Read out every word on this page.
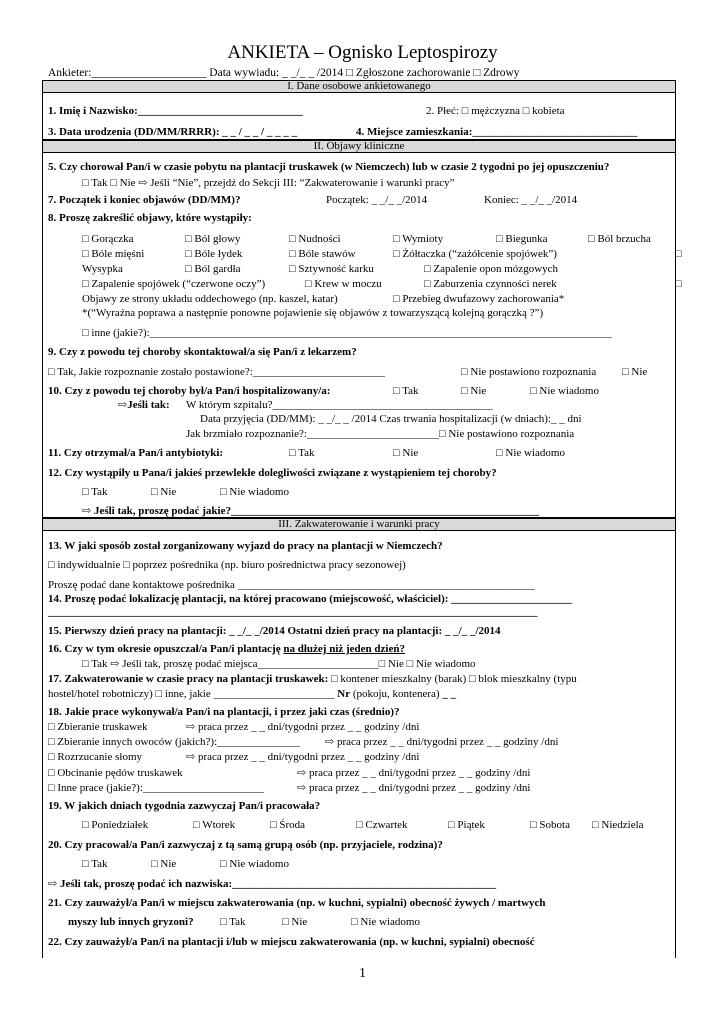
ANKIETA – Ognisko Leptospirozy
Ankieter:____________________ Data wywiadu: _ _/_ _ /2014 □ Zgłoszone zachorowanie □ Zdrowy
I. Dane osobowe ankietowanego
II. Objawy kliniczne
III. Zakwaterowanie i warunki pracy
1. Imię i Nazwisko:______________________________	2. Płeć: □ mężczyzna □ kobieta
3. Data urodzenia (DD/MM/RRRR): _ _ / _ _ / _ _ _ _	4. Miejsce zamieszkania:______________________________
5. Czy chorował Pan/i w czasie pobytu na plantacji truskawek (w Niemczech) lub w czasie 2 tygodni po jej opuszczeniu?
□ Tak □ Nie ⇨ Jeśli “Nie”, przejdź do Sekcji III: “Zakwaterowanie i warunki pracy”
7. Początek i koniec objawów (DD/MM)?	Początek: _ _/_ _/2014	Koniec: _ _/_ _/2014
8. Proszę zakreślić objawy, które wystąpiły:
□ Gorączka	□ Ból głowy	□ Nudności	□ Wymioty	□ Biegunka	□ Ból brzucha
□ Bóle mięśni	□ Bóle łydek	□ Bóle stawów	□ Żółtaczka (“zażółcenie spojówek”)	□
Wysypka	□ Ból gardła	□ Sztywność karku	□ Zapalenie opon mózgowych
□ Zapalenie spojówek (“czerwone oczy”)	□ Krew w moczu	□ Zaburzenia czynności nerek	□
Objawy ze strony układu oddechowego (np. kaszel, katar)	□ Przebieg dwufazowy zachorowania*
*(“Wyraźna poprawa a następnie ponowne pojawienie się objawów z towarzyszącą kolejną gorączką ?”)
□ inne (jakie?):____________________________________________________________________________________
9. Czy z powodu tej choroby skontaktował/a się Pan/i z lekarzem?
□ Tak, Jakie rozpoznanie zostało postawione?:________________________	□ Nie postawiono rozpoznania □ Nie
10. Czy z powodu tej choroby był/a Pan/i hospitalizowany/a:	□ Tak	□ Nie	□ Nie wiadomo
⇨Jeśli tak: W którym szpitalu?________________________________________
Data przyjęcia (DD/MM): _ _/_ _ /2014 Czas trwania hospitalizacji (w dniach):_ _ dni
Jak brzmiało rozpoznanie?:________________________□ Nie postawiono rozpoznania
11. Czy otrzymał/a Pan/i antybiotyki:	□ Tak	□ Nie	□ Nie wiadomo
12. Czy wystąpiły u Pana/i jakieś przewlekłe dolegliwości związane z wystąpieniem tej choroby?
□ Tak	□ Nie	□ Nie wiadomo
⇨ Jeśli tak, proszę podać jakie?________________________________________________________
13. W jaki sposób został zorganizowany wyjazd do pracy na plantacji w Niemczech?
□ indywidualnie □ poprzez pośrednika (np. biuro pośrednictwa pracy sezonowej)
Proszę podać dane kontaktowe pośrednika ______________________________________________________
14. Proszę podać lokalizację plantacji, na której pracowano (miejscowość, właściciel): ______________________
_________________________________________________________________________________________
15. Pierwszy dzień pracy na plantacji: _ _/_ _/2014 Ostatni dzień pracy na plantacji: _ _/_ _/2014
16. Czy w tym okresie opuszczał/a Pan/i plantację na dłużej niż jeden dzień?
□ Tak ⇨ Jeśli tak, proszę podać miejsca______________________□ Nie □ Nie wiadomo
17. Zakwaterowanie w czasie pracy na plantacji truskawek: □ kontener mieszkalny (barak) □ blok mieszkalny (typu
hostel/hotel robotniczy) □ inne, jakie ______________________ Nr (pokoju, kontenera) _ _
18. Jakie prace wykonywał/a Pan/i na plantacji, i przez jaki czas (średnio)?
□ Zbieranie truskawek	⇨ praca przez _ _ dni/tygodni przez _ _ godziny /dni
□ Zbieranie innych owoców (jakich?):_______________ ⇨ praca przez _ _ dni/tygodni przez _ _ godziny /dni
□ Rozrzucanie słomy	⇨ praca przez _ _ dni/tygodni przez _ _ godziny /dni
□ Obcinanie pędów truskawek	⇨ praca przez _ _ dni/tygodni przez _ _ godziny /dni
□ Inne prace (jakie?):______________________	⇨ praca przez _ _ dni/tygodni przez _ _ godziny /dni
19. W jakich dniach tygodnia zazwyczaj Pan/i pracowała?
□ Poniedziałek	□ Wtorek	□ Środa	□ Czwartek	□ Piątek	□ Sobota □ Niedziela
20. Czy pracował/a Pan/i zazwyczaj z tą samą grupą osób (np. przyjaciele, rodzina)?
□ Tak	□ Nie	□ Nie wiadomo
⇨ Jeśli tak, proszę podać ich nazwiska:________________________________________________
21. Czy zauważył/a Pan/i w miejscu zakwaterowania (np. w kuchni, sypialni) obecność żywych / martwych
myszy lub innych gryzoni? □ Tak	□ Nie	□ Nie wiadomo
22. Czy zauważył/a Pan/i na plantacji i/lub w miejscu zakwaterowania (np. w kuchni, sypialni) obecność
1
